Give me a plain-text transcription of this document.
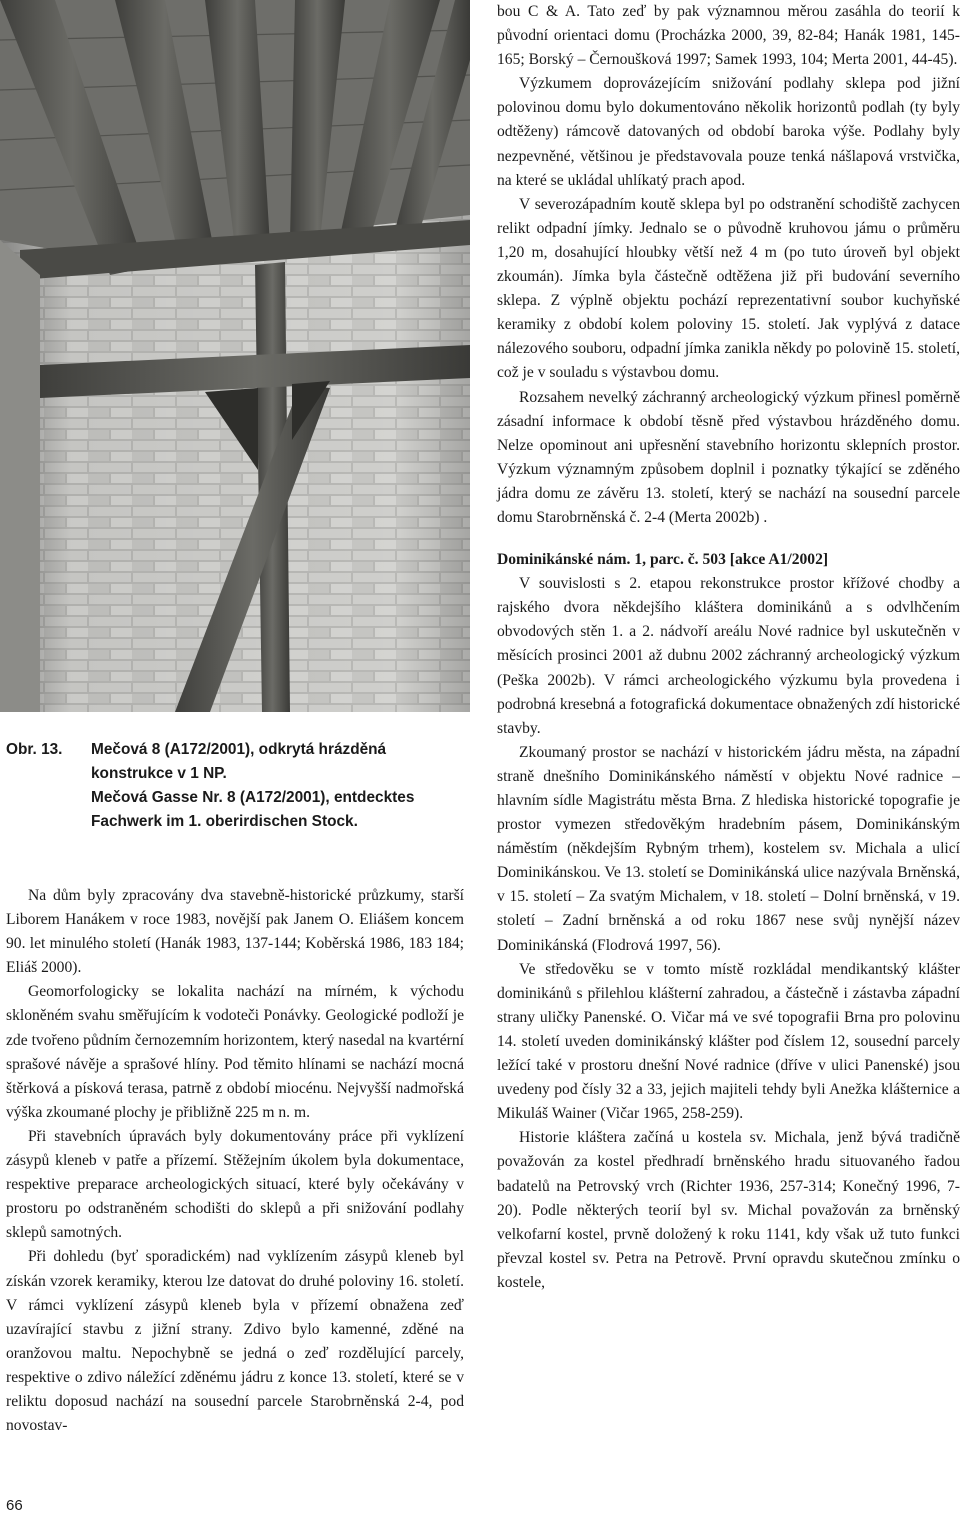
Obr. 13. Mečová 8 (A172/2001), odkrytá hrázděná konstrukce v 1 NP.
Mečová Gasse Nr. 8 (A172/2001), entdecktes Fachwerk im 1. oberirdischen Stock.

bou C & A. Tato zeď by pak významnou měrou zasáhla do teorií k původní orientaci domu (Procházka 2000, 39, 82-84; Hanák 1981, 145-165; Borský – Černoušková 1997; Samek 1993, 104; Merta 2001, 44-45).

Výzkumem doprovázejícím snižování podlahy sklepa pod jižní polovinou domu bylo dokumentováno několik horizontů podlah (ty byly odtěženy) rámcově datovaných od období baroka výše. Podlahy byly nezpevněné, většinou je představovala pouze tenká nášlapová vrstvička, na které se ukládal uhlíkatý prach apod.

V severozápadním koutě sklepa byl po odstranění schodiště zachycen relikt odpadní jímky. Jednalo se o původně kruhovou jámu o průměru 1,20 m, dosahující hloubky větší než 4 m (po tuto úroveň byl objekt zkoumán). Jímka byla částečně odtěžena již při budování severního sklepa. Z výplně objektu pochází reprezentativní soubor kuchyňské keramiky z období kolem poloviny 15. století. Jak vyplývá z datace nálezového souboru, odpadní jímka zanikla někdy po polovině 15. století, což je v souladu s výstavbou domu.

Rozsahem nevelký záchranný archeologický výzkum přinesl poměrně zásadní informace k období těsně před výstavbou hrázděného domu. Nelze opominout ani upřesnění stavebního horizontu sklepních prostor. Výzkum významným způsobem doplnil i poznatky týkající se zděného jádra domu ze závěru 13. století, který se nachází na sousední parcele domu Starobrněnská č. 2-4 (Merta 2002b) .

Dominikánské nám. 1, parc. č. 503 [akce A1/2002]

V souvislosti s 2. etapou rekonstrukce prostor křížové chodby a rajského dvora někdejšího kláštera dominikánů a s odvlhčením obvodových stěn 1. a 2. nádvoří areálu Nové radnice byl uskutečněn v měsících prosinci 2001 až dubnu 2002 záchranný archeologický výzkum (Peška 2002b). V rámci archeologického výzkumu byla provedena i podrobná kresebná a fotografická dokumentace obnažených zdí historické stavby.

Zkoumaný prostor se nachází v historickém jádru města, na západní straně dnešního Dominikánského náměstí v objektu Nové radnice – hlavním sídle Magistrátu města Brna. Z hlediska historické topografie je prostor vymezen středověkým hradebním pásem, Dominikánským náměstím (někdejším Rybným trhem), kostelem sv. Michala a ulicí Dominikánskou. Ve 13. století se Dominikánská ulice nazývala Brněnská, v 15. století – Za svatým Michalem, v 18. století – Dolní brněnská, v 19. století – Zadní brněnská a od roku 1867 nese svůj nynější název Dominikánská (Flodrová 1997, 56).

Ve středověku se v tomto místě rozkládal mendikantský klášter dominikánů s přilehlou klášterní zahradou, a částečně i zástavba západní strany uličky Panenské. O. Vičar má ve své topografii Brna pro polovinu 14. století uveden dominikánský klášter pod číslem 12, sousední parcely ležící také v prostoru dnešní Nové radnice (dříve v ulici Panenské) jsou uvedeny pod čísly 32 a 33, jejich majiteli tehdy byli Anežka klášternice a Mikuláš Wainer (Vičar 1965, 258-259).

Historie kláštera začíná u kostela sv. Michala, jenž bývá tradičně považován za kostel předhradí brněnského hradu situovaného řadou badatelů na Petrovský vrch (Richter 1936, 257-314; Konečný 1996, 7-20). Podle některých teorií byl sv. Michal považován za brněnský velkofarní kostel, prvně doložený k roku 1141, kdy však už tuto funkci převzal kostel sv. Petra na Petrově. První opravdu skutečnou zmínku o kostele,

Na dům byly zpracovány dva stavebně-historické průzkumy, starší Liborem Hanákem v roce 1983, novější pak Janem O. Eliášem koncem 90. let minulého století (Hanák 1983, 137-144; Koběrská 1986, 183 184; Eliáš 2000).

Geomorfologicky se lokalita nachází na mírném, k východu skloněném svahu směřujícím k vodoteči Ponávky. Geologické podloží je zde tvořeno půdním černozemním horizontem, který nasedal na kvartérní sprašové návěje a sprašové hlíny. Pod těmito hlínami se nachází mocná štěrková a písková terasa, patrně z období miocénu. Nejvyšší nadmořská výška zkoumané plochy je přibližně 225 m n. m.

Při stavebních úpravách byly dokumentovány práce při vyklízení zásypů kleneb v patře a přízemí. Stěžejním úkolem byla dokumentace, respektive preparace archeologických situací, které byly očekávány v prostoru po odstraněném schodišti do sklepů a při snižování podlahy sklepů samotných.

Při dohledu (byť sporadickém) nad vyklízením zásypů kleneb byl získán vzorek keramiky, kterou lze datovat do druhé poloviny 16. století. V rámci vyklízení zásypů kleneb byla v přízemí obnažena zeď uzavírající stavbu z jižní strany. Zdivo bylo kamenné, zděné na oranžovou maltu. Nepochybně se jedná o zeď rozdělující parcely, respektive o zdivo náležící zděnému jádru z konce 13. století, které se v reliktu doposud nachází na sousední parcele Starobrněnská 2-4, pod novostav-

66
